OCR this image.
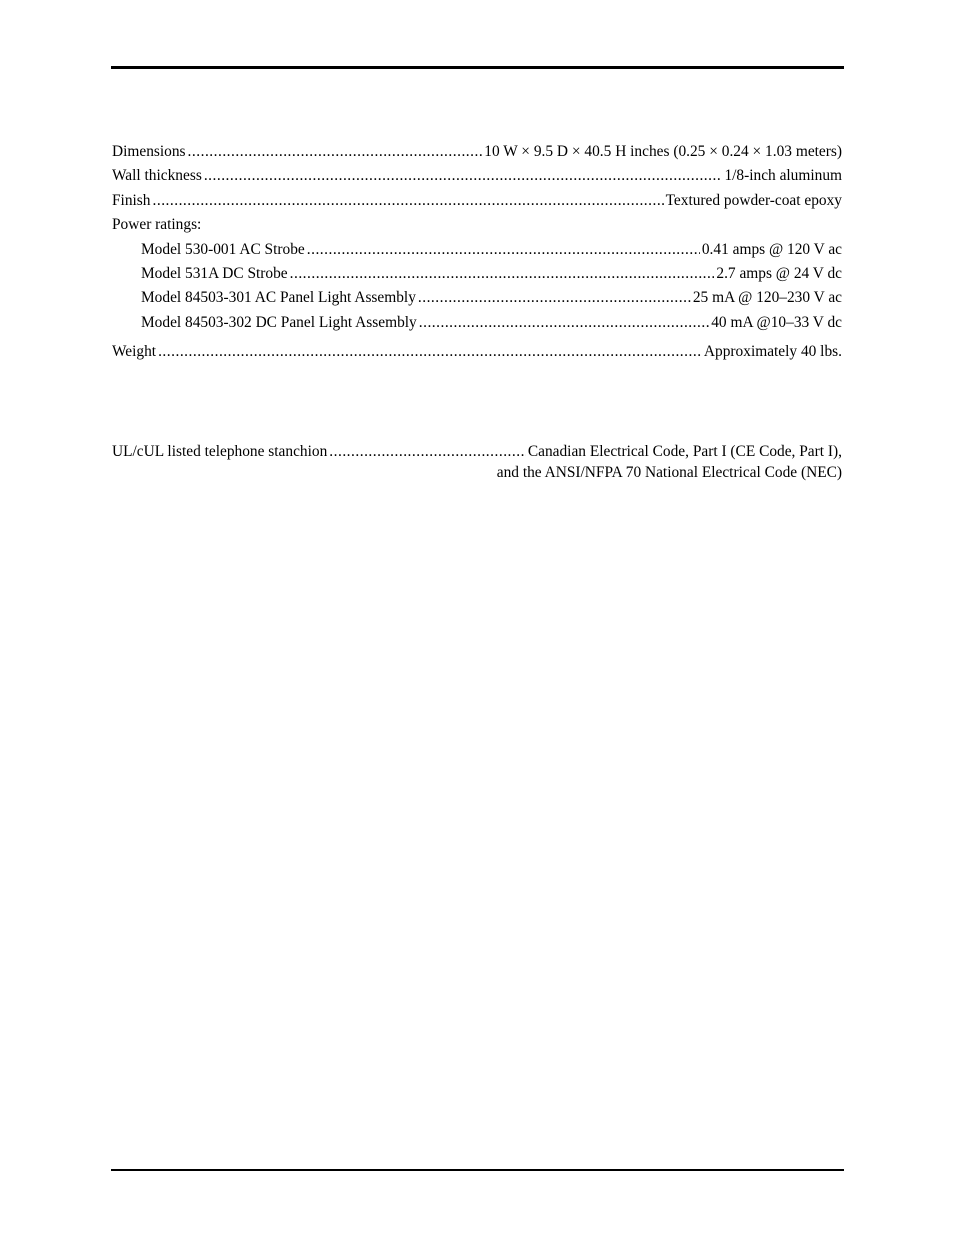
Dimensions .....	10 W × 9.5 D × 40.5 H inches (0.25 × 0.24 × 1.03 meters)
Wall thickness .....	1/8-inch aluminum
Finish .....	Textured powder-coat epoxy
Power ratings:
Model 530-001 AC Strobe .....	0.41 amps @ 120 V ac
Model 531A DC Strobe .....	2.7 amps @ 24 V dc
Model 84503-301 AC Panel Light Assembly .....	25 mA @ 120–230 V ac
Model 84503-302 DC Panel Light Assembly .....	40 mA @10–33 V dc
Weight .....	Approximately 40 lbs.
UL/cUL listed telephone stanchion .....	Canadian Electrical Code, Part I (CE Code, Part I),
and the ANSI/NFPA 70 National Electrical Code (NEC)
